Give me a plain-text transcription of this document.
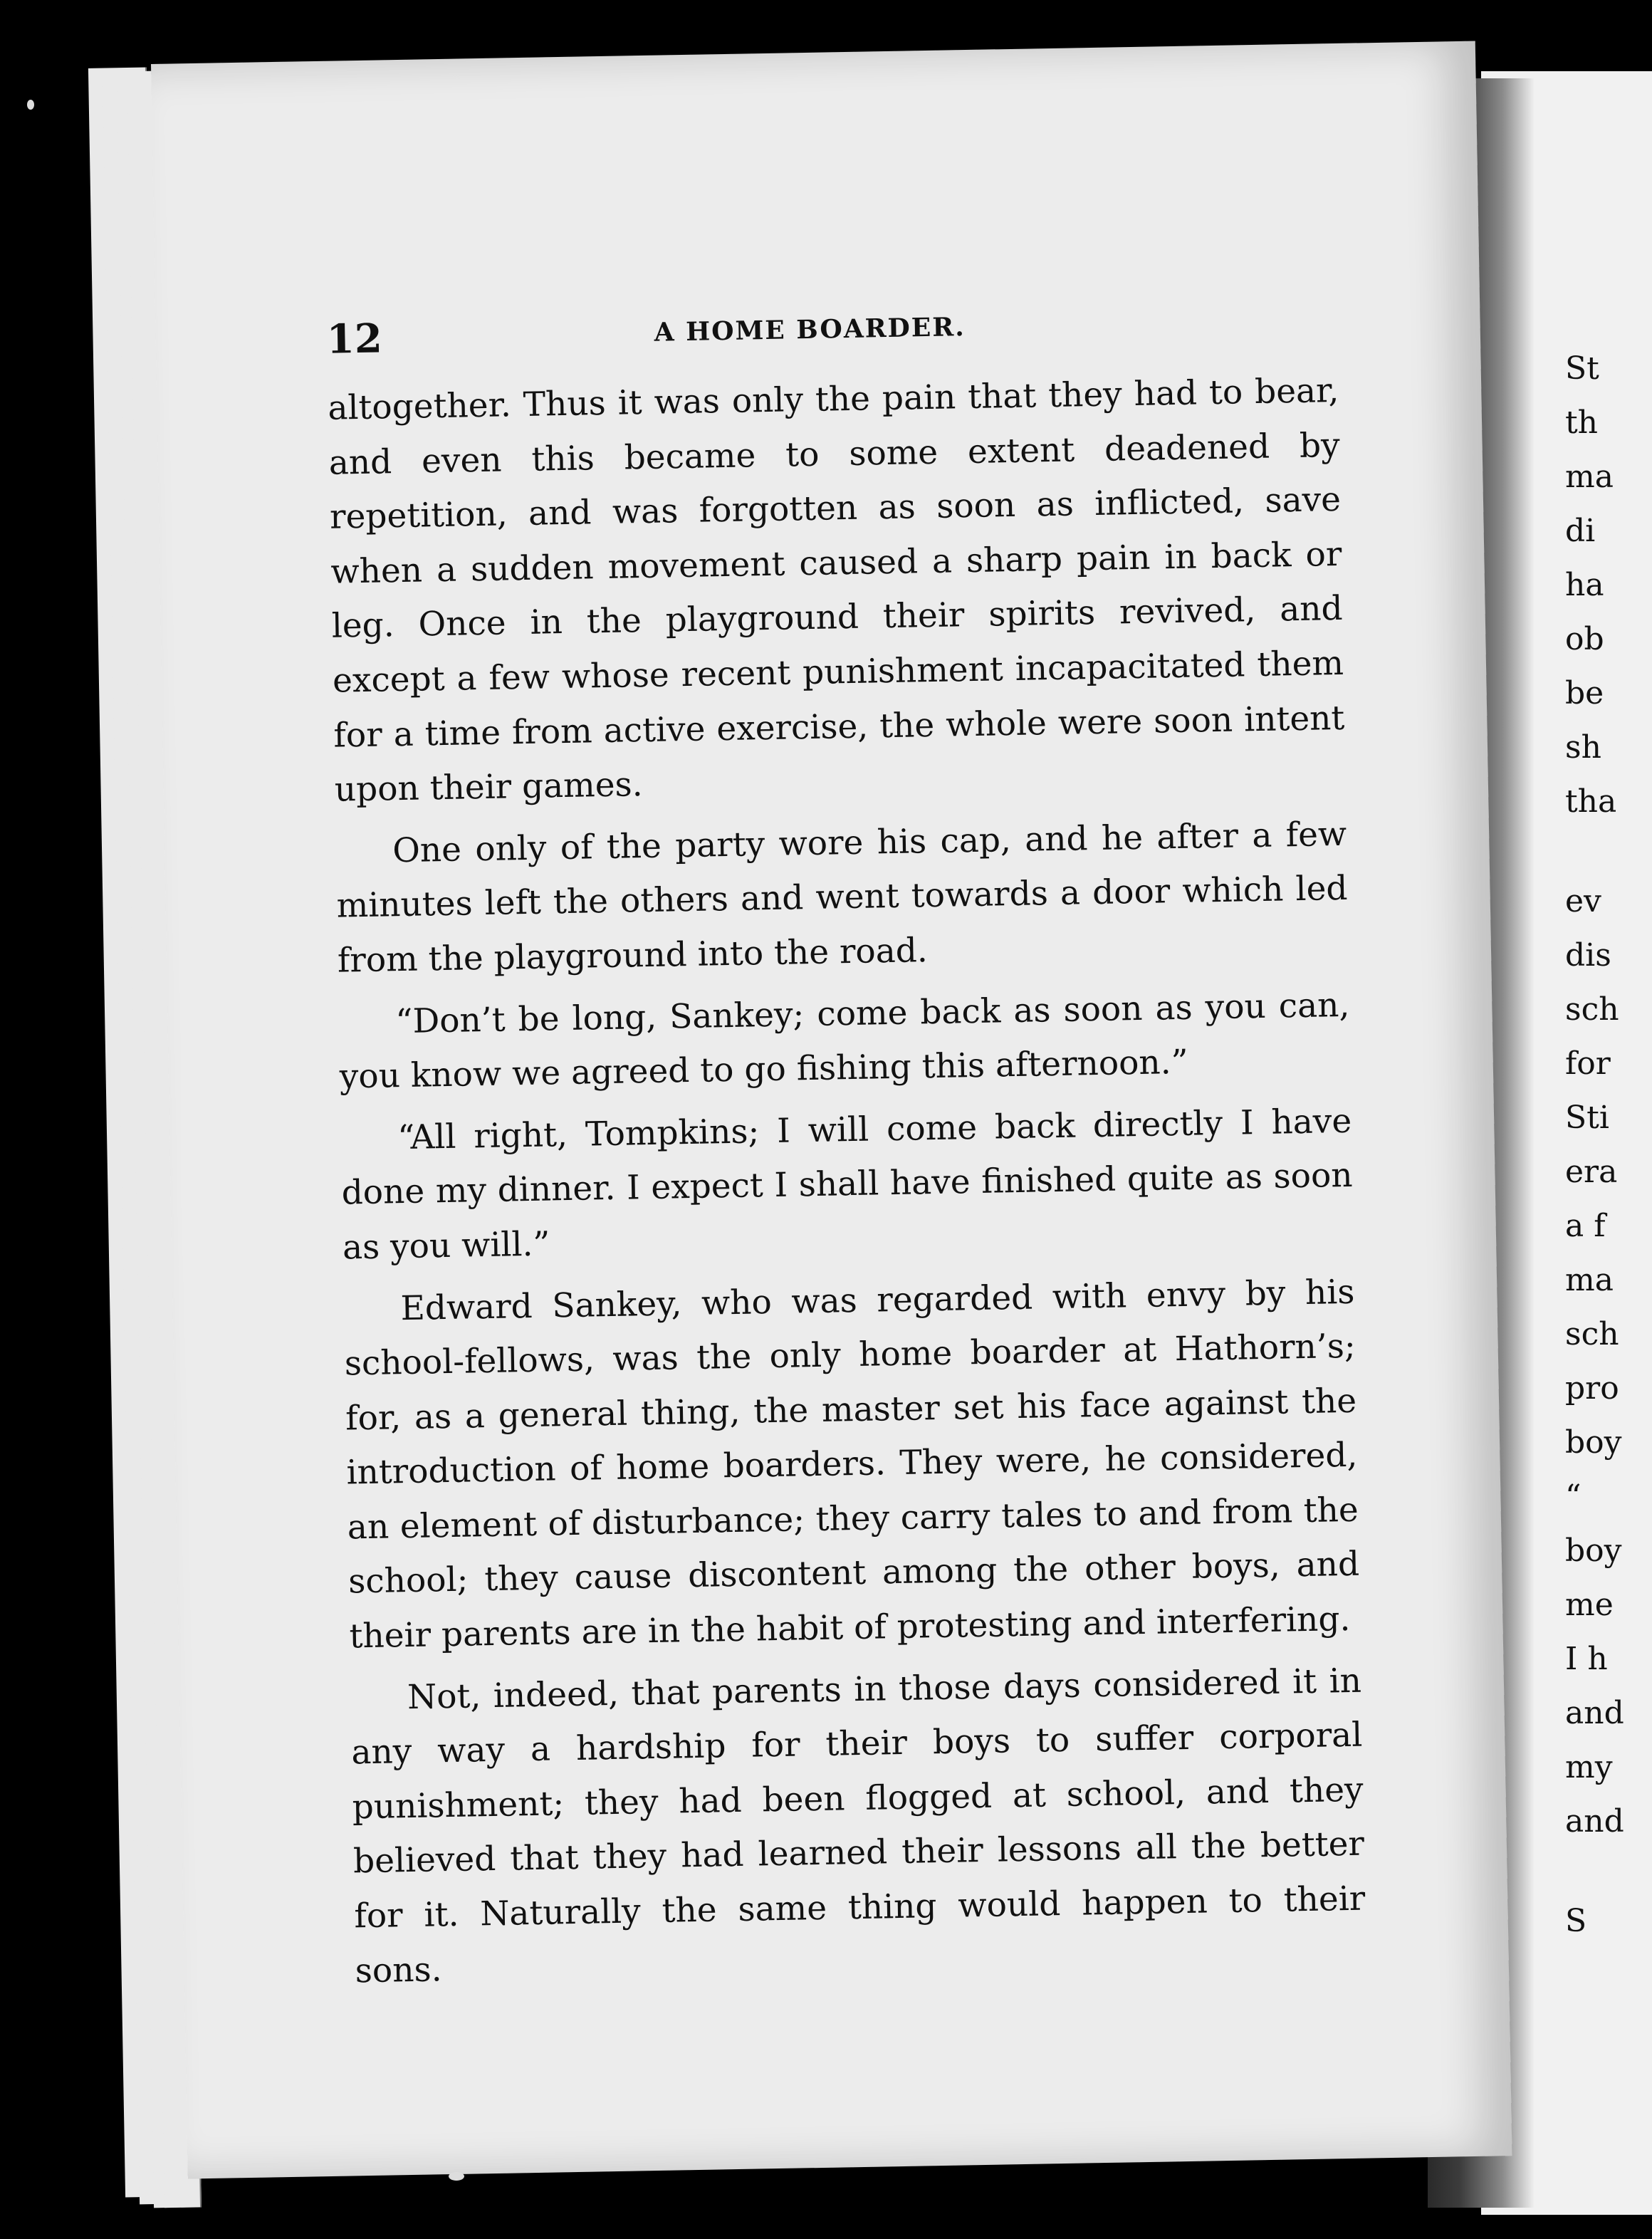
St
th
ma
di
ha
ob
be
sh
tha
ev
dis
sch
for
Sti
era
a f
ma
sch
pro
boy
“
boy
me
I h
and
my
and
S
12	A HOME BOARDER.

altogether. Thus it was only the pain that they had to bear, and even this became to some extent deadened by repetition, and was forgotten as soon as inflicted, save when a sudden movement caused a sharp pain in back or leg. Once in the playground their spirits revived, and except a few whose recent punishment incapacitated them for a time from active exercise, the whole were soon intent upon their games.

One only of the party wore his cap, and he after a few minutes left the others and went towards a door which led from the playground into the road.

“Don’t be long, Sankey; come back as soon as you can, you know we agreed to go fishing this afternoon.”

“All right, Tompkins; I will come back directly I have done my dinner. I expect I shall have finished quite as soon as you will.”

Edward Sankey, who was regarded with envy by his school-fellows, was the only home boarder at Hathorn’s; for, as a general thing, the master set his face against the introduction of home boarders. They were, he considered, an element of disturbance; they carry tales to and from the school; they cause discontent among the other boys, and their parents are in the habit of protesting and interfering.

Not, indeed, that parents in those days considered it in any way a hardship for their boys to suffer corporal punishment; they had been flogged at school, and they believed that they had learned their lessons all the better for it. Naturally the same thing would happen to their sons.
